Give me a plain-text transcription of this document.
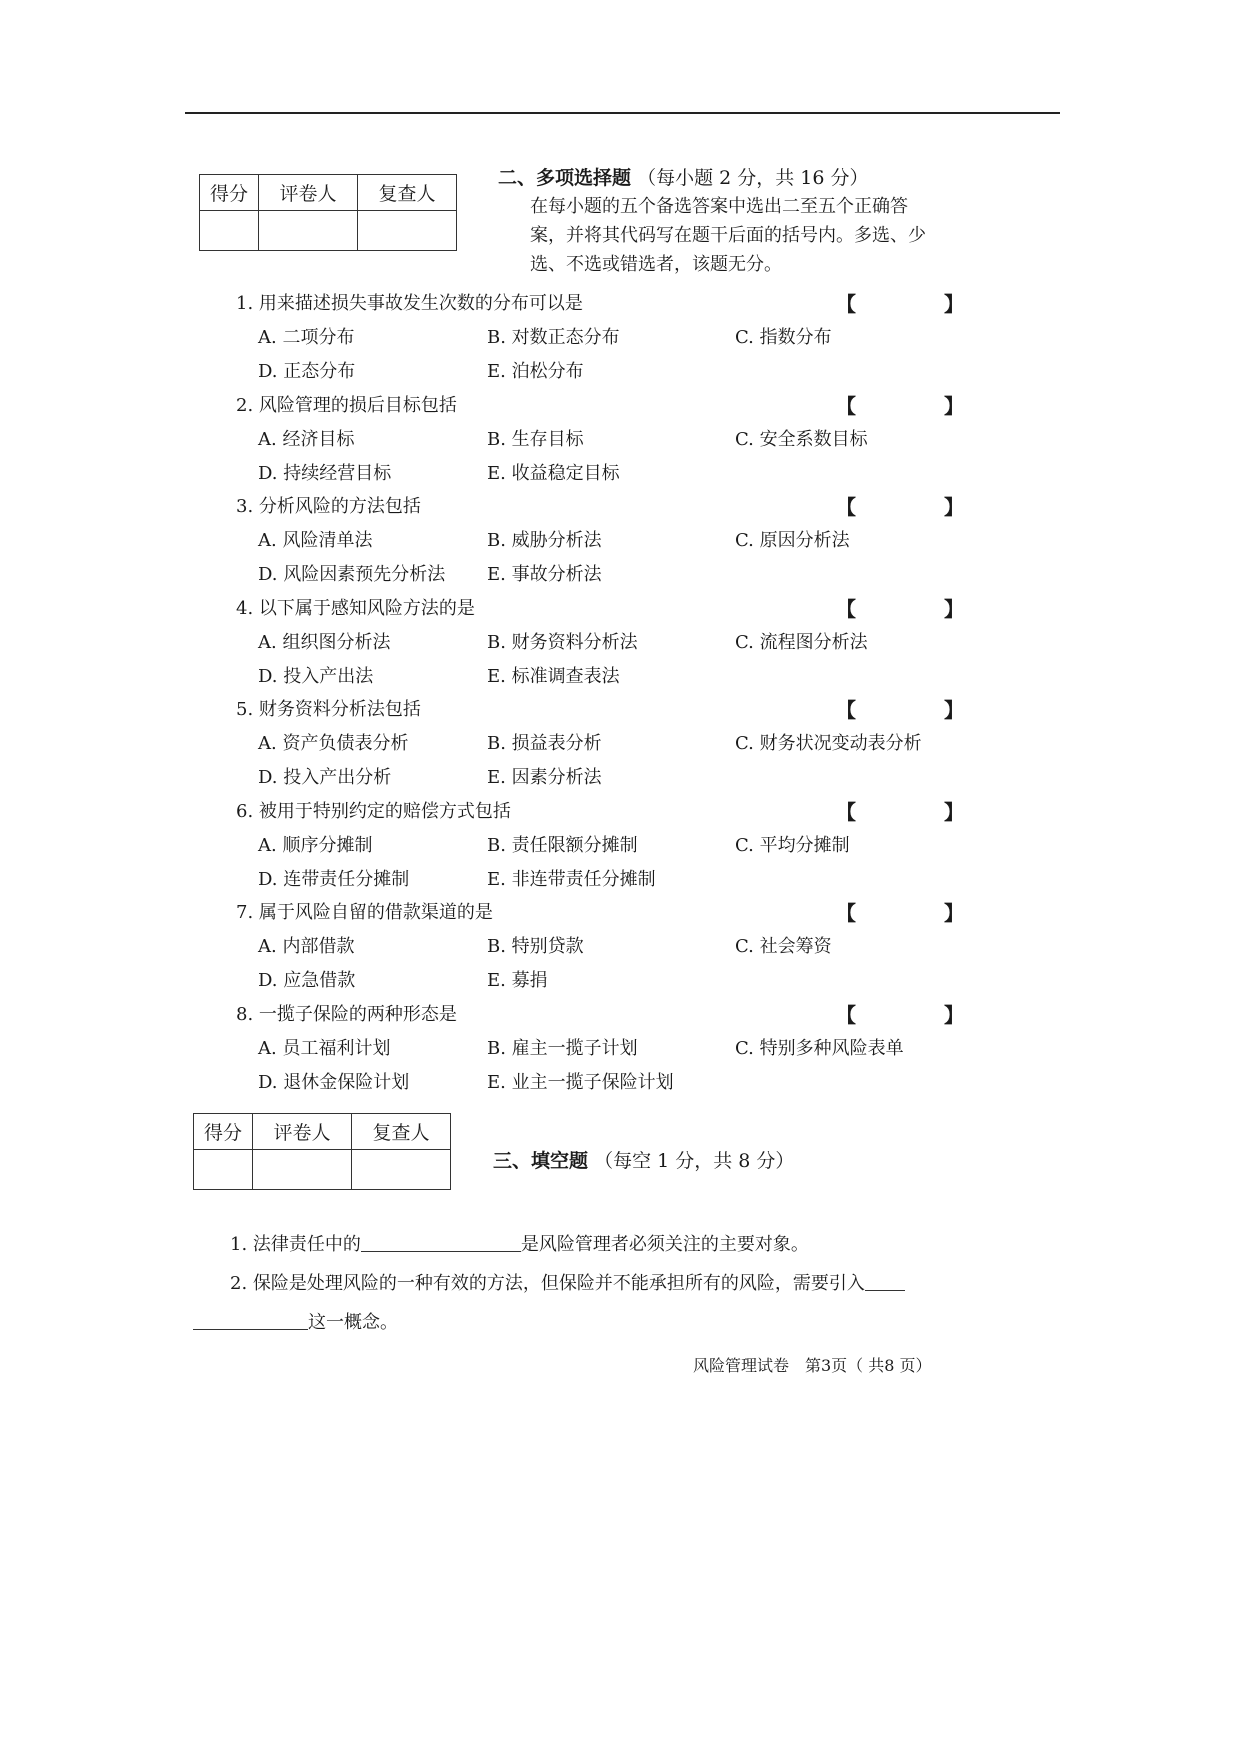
得分	评卷人	复查人

二、多项选择题 （每小题 2 分，共 16 分）
在每小题的五个备选答案中选出二至五个正确答
案，并将其代码写在题干后面的括号内。多选、少
选、不选或错选者，该题无分。
1. 用来描述损失事故发生次数的分布可以是	【	】
A. 二项分布	B. 对数正态分布	C. 指数分布
D. 正态分布	E. 泊松分布
2. 风险管理的损后目标包括	【	】
A. 经济目标	B. 生存目标	C. 安全系数目标
D. 持续经营目标	E. 收益稳定目标
3. 分析风险的方法包括	【	】
A. 风险清单法	B. 威胁分析法	C. 原因分析法
D. 风险因素预先分析法 E. 事故分析法
4. 以下属于感知风险方法的是	【	】
A. 组织图分析法	B. 财务资料分析法	C. 流程图分析法
D. 投入产出法	E. 标准调查表法
5. 财务资料分析法包括	【	】
A. 资产负债表分析	B. 损益表分析	C. 财务状况变动表分析
D. 投入产出分析	E. 因素分析法
6. 被用于特别约定的赔偿方式包括	【	】
A. 顺序分摊制	B. 责任限额分摊制	C. 平均分摊制
D. 连带责任分摊制	E. 非连带责任分摊制
7. 属于风险自留的借款渠道的是	【	】
A. 内部借款	B. 特别贷款	C. 社会筹资
D. 应急借款	E. 募捐
8. 一揽子保险的两种形态是	【	】
A. 员工福利计划	B. 雇主一揽子计划	C. 特别多种风险表单
D. 退休金保险计划	E. 业主一揽子保险计划
得分	评卷人	复查人

三、填空题 （每空 1 分，共 8 分）
1. 法律责任中的	是风险管理者必须关注的主要对象。
2. 保险是处理风险的一种有效的方法，但保险并不能承担所有的风险，需要引入
这一概念。
风险管理试卷　第3页（ 共8 页）
